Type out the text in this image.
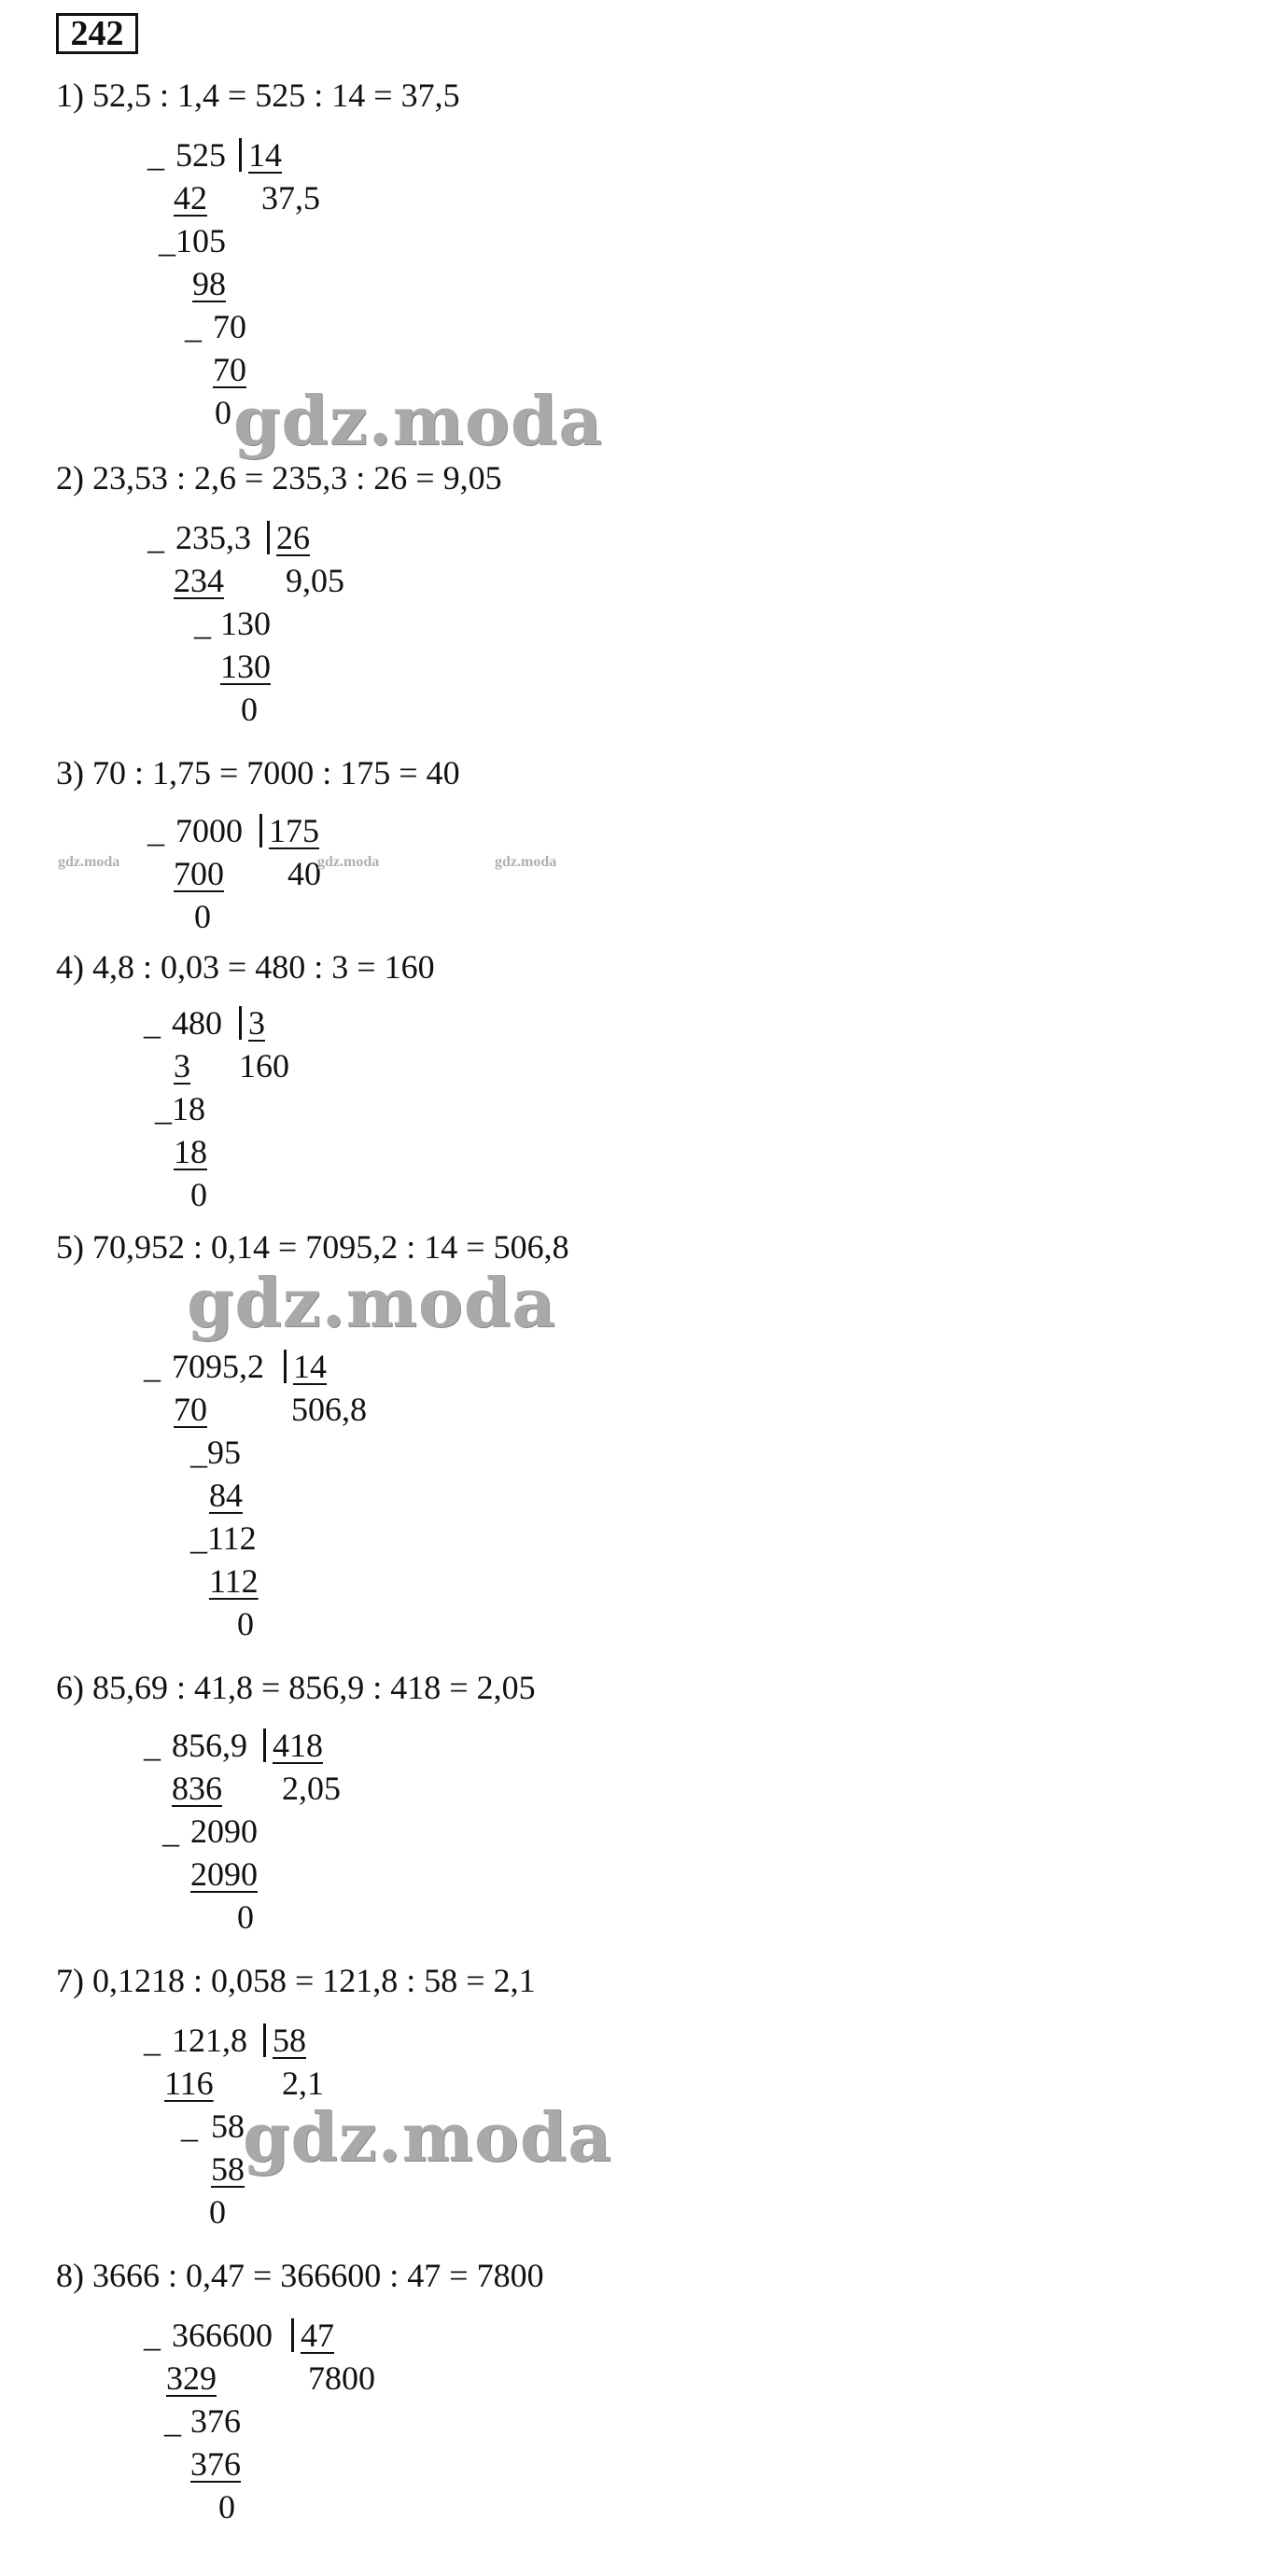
242
1) 52,5 : 1,4 = 525 : 14 = 37,5
_ 525 14
37,5
42
_105
98
_ 70
70
0 gdz.moda
2) 23,53 : 2,6 = 235,3 : 26 = 9,05
_ 235,3 26
9,05
234
_ 130
130
0
3) 70 : 1,75 = 7000 : 175 = 40
_ 7000 175
40
700
0
gdz.moda	gdz.moda	gdz.moda
4) 4,8 : 0,03 = 480 : 3 = 160
_ 480 3
160
3
_18
18
0
5) 70,952 : 0,14 = 7095,2 : 14 = 506,8
gdz.moda
_ 7095,2 14
506,8
70
_95
84
_112
112
0
6) 85,69 : 41,8 = 856,9 : 418 = 2,05
_ 856,9 418
2,05
836
_ 2090
2090
0
7) 0,1218 : 0,058 = 121,8 : 58 = 2,1
_ 121,8 58
2,1
116
_ 58
58
0
gdz.moda
8) 3666 : 0,47 = 366600 : 47 = 7800
_ 366600 47
7800
329
_ 376
376
0
